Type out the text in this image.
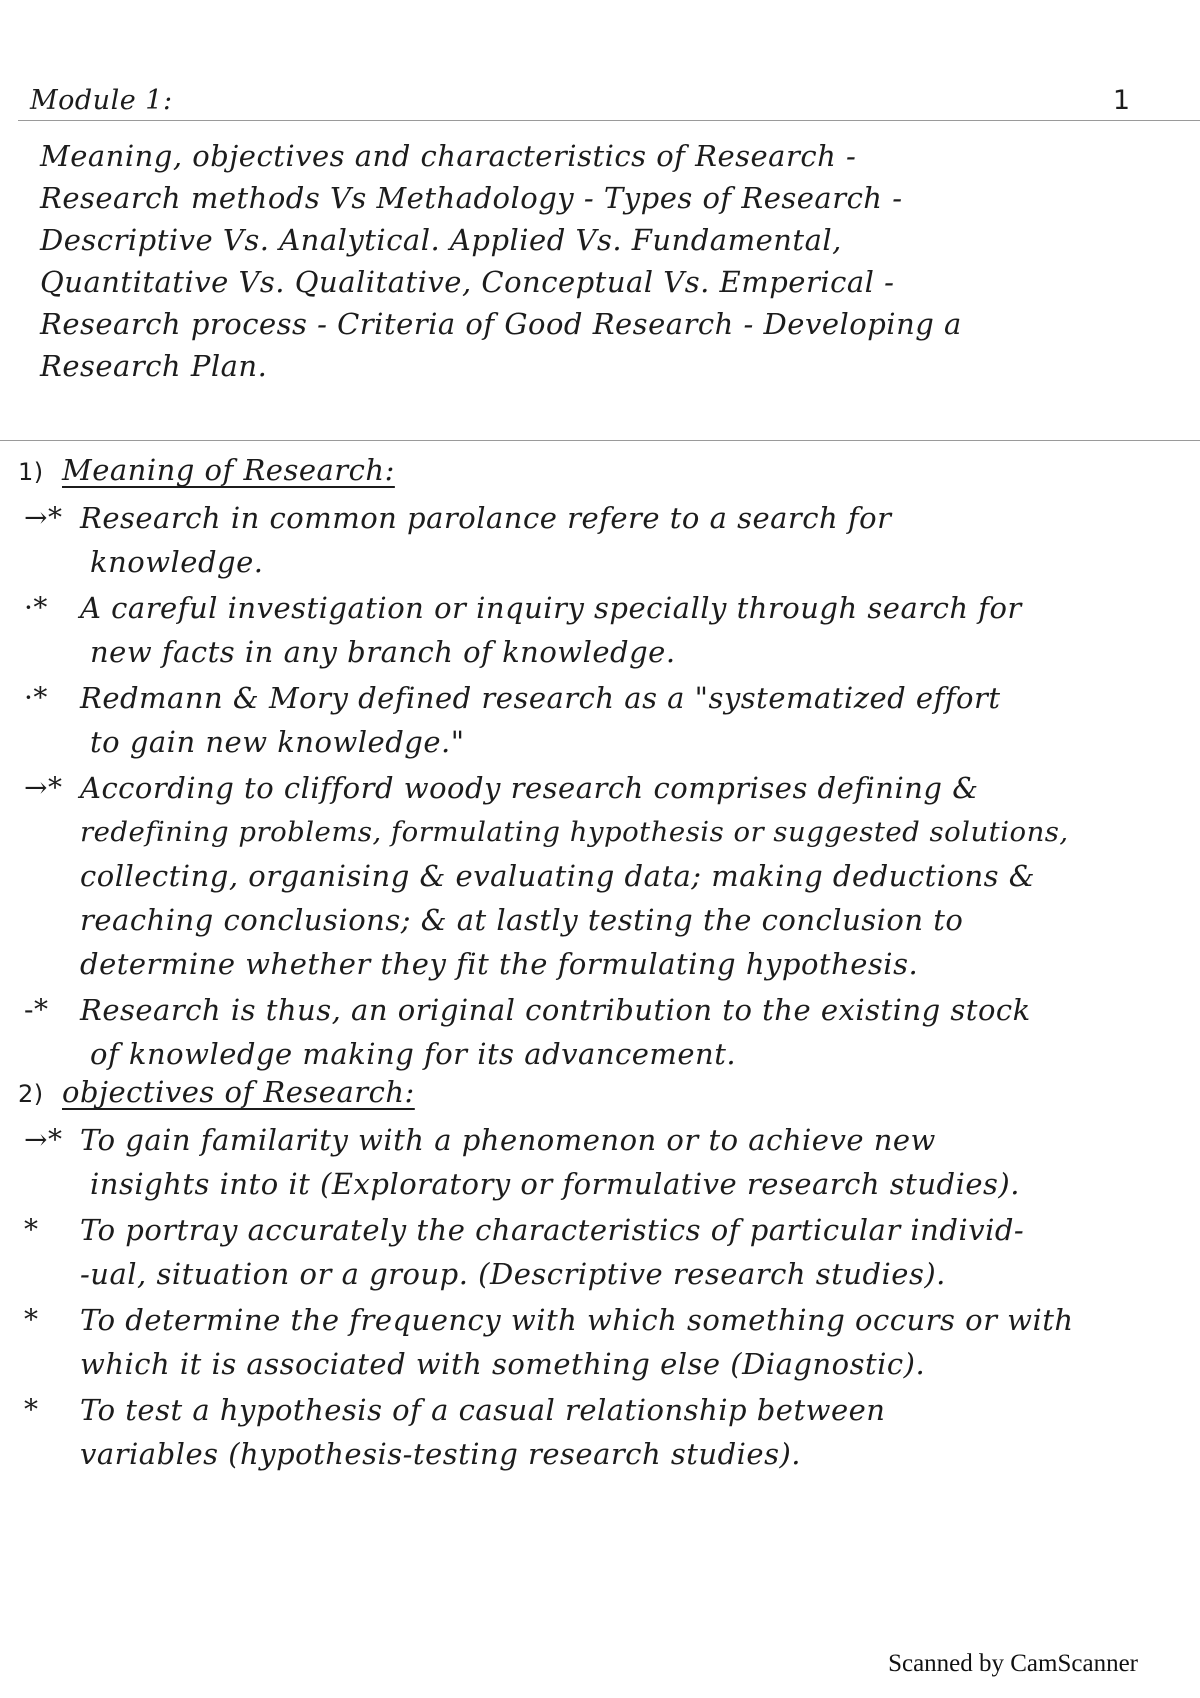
Module 1:	1
Meaning, objectives and characteristics of Research -
Research methods Vs Methadology - Types of Research -
Descriptive Vs. Analytical. Applied Vs. Fundamental,
Quantitative Vs. Qualitative, Conceptual Vs. Emperical -
Research process - Criteria of Good Research - Developing a
Research Plan.
1) Meaning of Research:
→* Research in common parolance refere to a search for
knowledge.
·* A careful investigation or inquiry specially through search for
new facts in any branch of knowledge.
·* Redmann & Mory defined research as a "systematized effort
to gain new knowledge."
→* According to clifford woody research comprises defining &
redefining problems, formulating hypothesis or suggested solutions,
collecting, organising & evaluating data; making deductions &
reaching conclusions; & at lastly testing the conclusion to
determine whether they fit the formulating hypothesis.
-* Research is thus, an original contribution to the existing stock
of knowledge making for its advancement.
2) objectives of Research:
→* To gain familarity with a phenomenon or to achieve new
insights into it (Exploratory or formulative research studies).
* To portray accurately the characteristics of particular individ-
-ual, situation or a group. (Descriptive research studies).
* To determine the frequency with which something occurs or with
which it is associated with something else (Diagnostic).
* To test a hypothesis of a casual relationship between
variables (hypothesis-testing research studies).
Scanned by CamScanner
